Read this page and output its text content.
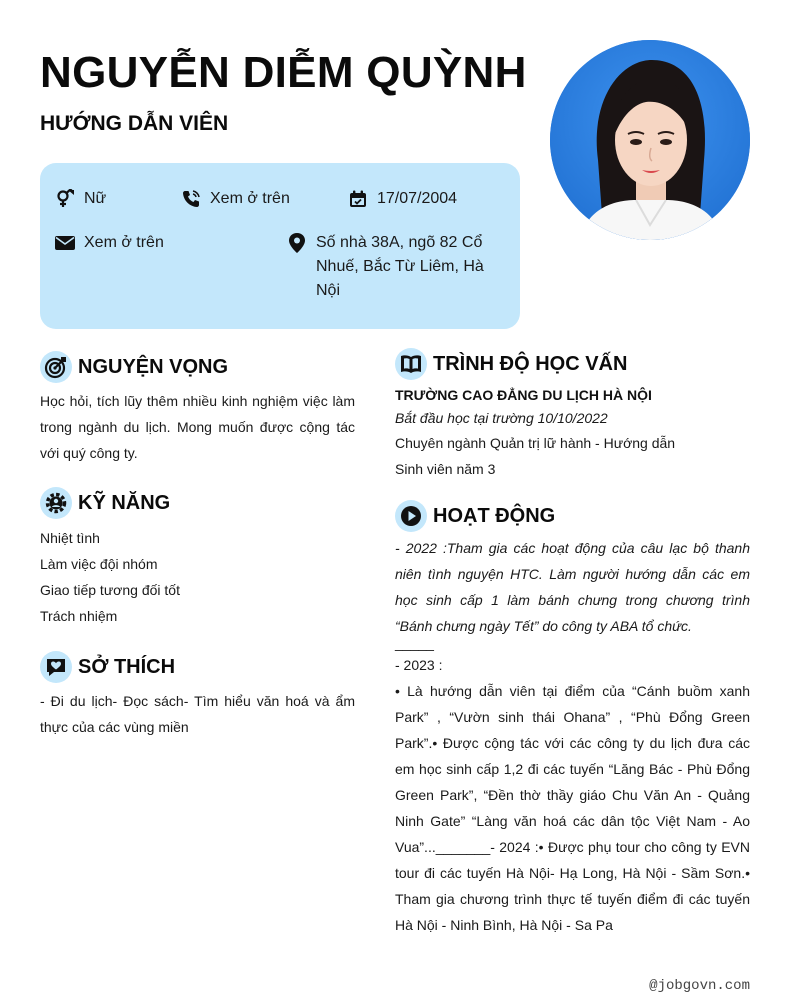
NGUYỄN DIỄM QUỲNH
HƯỚNG DẪN VIÊN
Nữ	Xem ở trên	17/07/2004
Xem ở trên	Số nhà 38A, ngõ 82 Cổ
Nhuế, Bắc Từ Liêm, Hà
Nội
NGUYỆN VỌNG

Học hỏi, tích lũy thêm nhiều kinh nghiệm việc làm trong ngành du lịch. Mong muốn được cộng tác với quý công ty.

KỸ NĂNG
Nhiệt tình
Làm việc đội nhóm
Giao tiếp tương đối tốt
Trách nhiệm
SỞ THÍCH

- Đi du lịch- Đọc sách- Tìm hiểu văn hoá và ẩm thực của các vùng miền

TRÌNH ĐỘ HỌC VẤN

TRƯỜNG CAO ĐẲNG DU LỊCH HÀ NỘI

Bắt đầu học tại trường 10/10/2022

Chuyên ngành Quản trị lữ hành - Hướng dẫn

Sinh viên năm 3

HOẠT ĐỘNG

- 2022 :Tham gia các hoạt động của câu lạc bộ thanh niên tình nguyện HTC. Làm người hướng dẫn các em học sinh cấp 1 làm bánh chưng trong chương trình “Bánh chưng ngày Tết” do công ty ABA tổ chức.

_____

- 2023 :

• Là hướng dẫn viên tại điểm của “Cánh buồm xanh Park” , “Vườn sinh thái Ohana” , “Phù Đổng Green Park”.• Được cộng tác với các công ty du lịch đưa các em học sinh cấp 1,2 đi các tuyến “Lăng Bác - Phù Đổng Green Park”, “Đền thờ thầy giáo Chu Văn An - Quảng Ninh Gate” “Làng văn hoá các dân tộc Việt Nam - Ao Vua”..._______- 2024 :• Được phụ tour cho công ty EVN tour đi các tuyến Hà Nội- Hạ Long, Hà Nội - Sầm Sơn.• Tham gia chương trình thực tế tuyến điểm đi các tuyến Hà Nội - Ninh Bình, Hà Nội - Sa Pa

@jobgovn.com
